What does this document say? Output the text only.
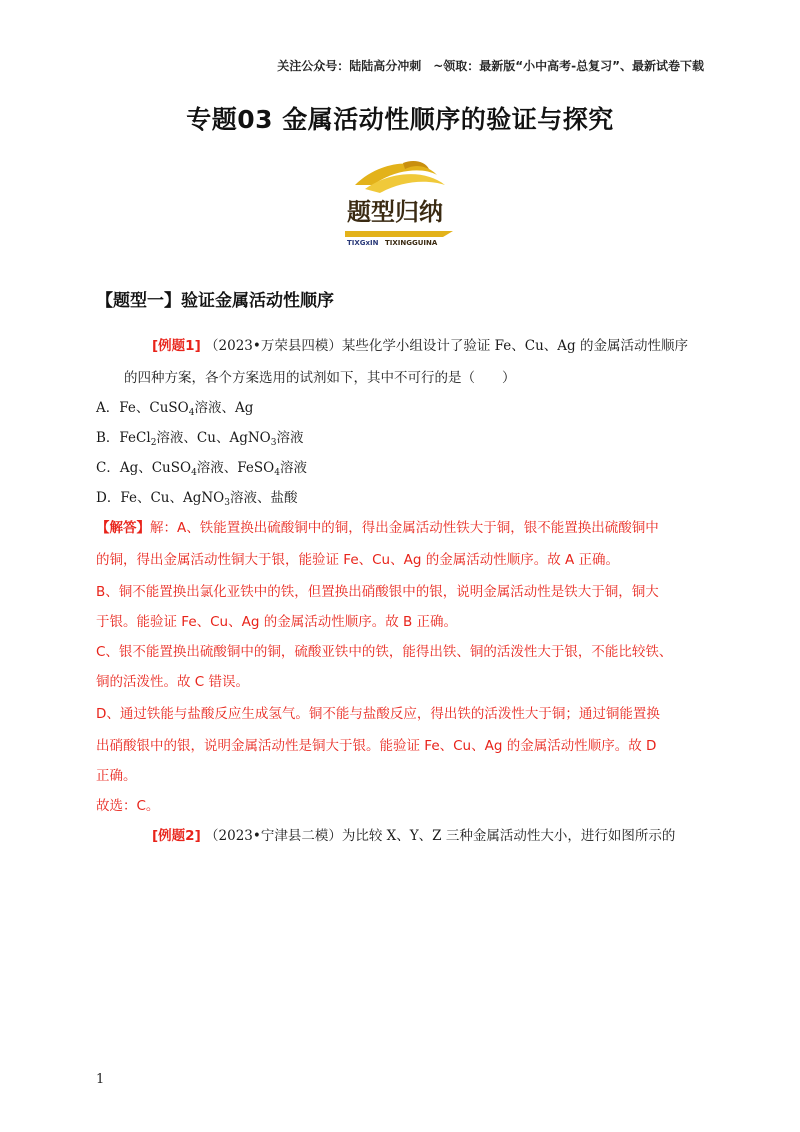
关注公众号：陆陆高分冲刺　~领取：最新版“小中高考-总复习”、最新试卷下载
专题03 金属活动性顺序的验证与探究
题型归纳
TIXGxIN TIXINGGUINA
【题型一】验证金属活动性顺序
[例题1] （2023•万荣县四模）某些化学小组设计了验证 Fe、Cu、Ag 的金属活动性顺序
的四种方案，各个方案选用的试剂如下，其中不可行的是（　　）
A．Fe、CuSO$_4$溶液、Ag
B．FeCl$_2$溶液、Cu、AgNO$_3$溶液
C．Ag、CuSO$_4$溶液、FeSO$_4$溶液
D．Fe、Cu、AgNO$_3$溶液、盐酸
【解答】解：A、铁能置换出硫酸铜中的铜，得出金属活动性铁大于铜，银不能置换出硫酸铜中
的铜，得出金属活动性铜大于银，能验证 Fe、Cu、Ag 的金属活动性顺序。故 A 正确。
B、铜不能置换出氯化亚铁中的铁，但置换出硝酸银中的银，说明金属活动性是铁大于铜，铜大
于银。能验证 Fe、Cu、Ag 的金属活动性顺序。故 B 正确。
C、银不能置换出硫酸铜中的铜，硫酸亚铁中的铁，能得出铁、铜的活泼性大于银，不能比较铁、
铜的活泼性。故 C 错误。
D、通过铁能与盐酸反应生成氢气。铜不能与盐酸反应，得出铁的活泼性大于铜；通过铜能置换
出硝酸银中的银，说明金属活动性是铜大于银。能验证 Fe、Cu、Ag 的金属活动性顺序。故 D
正确。
故选：C。
[例题2] （2023•宁津县二模）为比较 X、Y、Z 三种金属活动性大小，进行如图所示的
1
